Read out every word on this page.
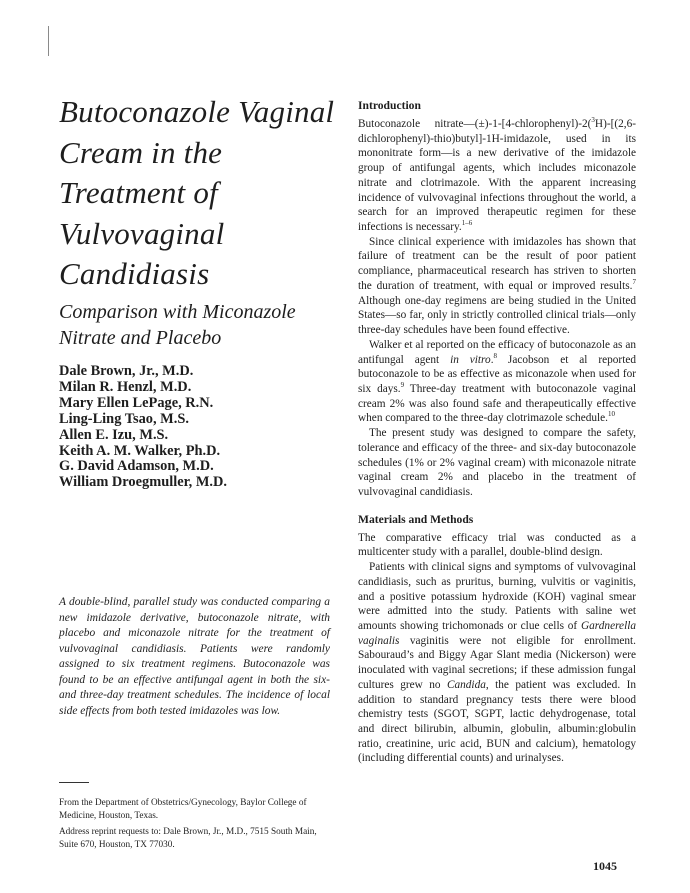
Butoconazole Vaginal
Cream in the
Treatment of
Vulvovaginal
Candidiasis
Comparison with Miconazole
Nitrate and Placebo
Dale Brown, Jr., M.D.
Milan R. Henzl, M.D.
Mary Ellen LePage, R.N.
Ling-Ling Tsao, M.S.
Allen E. Izu, M.S.
Keith A. M. Walker, Ph.D.
G. David Adamson, M.D.
William Droegmuller, M.D.
A double-blind, parallel study was conducted comparing a new imidazole derivative, butoconazole nitrate, with placebo and miconazole nitrate for the treatment of vulvovaginal candidiasis. Patients were randomly assigned to six treatment regimens. Butoconazole was found to be an effective antifungal agent in both the six- and three-day treatment schedules. The incidence of local side effects from both tested imidazoles was low.

From the Department of Obstetrics/Gynecology, Baylor College of Medicine, Houston, Texas.

Address reprint requests to: Dale Brown, Jr., M.D., 7515 South Main, Suite 670, Houston, TX 77030.

Introduction

Butoconazole nitrate—(±)-1-[4-chlorophenyl)-2($^3$H)-[(2,6-dichlorophenyl)-thio)butyl]-1H-imidazole, used in its mononitrate form—is a new derivative of the imidazole group of antifungal agents, which includes miconazole nitrate and clotrimazole. With the apparent increasing incidence of vulvovaginal infections throughout the world, a search for an improved therapeutic regimen for these infections is necessary.$^{1-6}$

Since clinical experience with imidazoles has shown that failure of treatment can be the result of poor patient compliance, pharmaceutical research has striven to shorten the duration of treatment, with equal or improved results.$^7$ Although one-day regimens are being studied in the United States—so far, only in strictly controlled clinical trials—only three-day schedules have been found effective.

Walker et al reported on the efficacy of butoconazole as an antifungal agent in vitro.$^8$ Jacobson et al reported butoconazole to be as effective as miconazole when used for six days.$^9$ Three-day treatment with butoconazole vaginal cream 2% was also found safe and therapeutically effective when compared to the three-day clotrimazole schedule.$^{10}$

The present study was designed to compare the safety, tolerance and efficacy of the three- and six-day butoconazole schedules (1% or 2% vaginal cream) with miconazole nitrate vaginal cream 2% and placebo in the treatment of vulvovaginal candidiasis.

Materials and Methods

The comparative efficacy trial was conducted as a multicenter study with a parallel, double-blind design.

Patients with clinical signs and symptoms of vulvovaginal candidiasis, such as pruritus, burning, vulvitis or vaginitis, and a positive potassium hydroxide (KOH) vaginal smear were admitted into the study. Patients with saline wet amounts showing trichomonads or clue cells of Gardnerella vaginalis vaginitis were not eligible for enrollment. Sabouraud’s and Biggy Agar Slant media (Nickerson) were inoculated with vaginal secretions; if these admission fungal cultures grew no Candida, the patient was excluded. In addition to standard pregnancy tests there were blood chemistry tests (SGOT, SGPT, lactic dehydrogenase, total and direct bilirubin, albumin, globulin, albumin:globulin ratio, creatinine, uric acid, BUN and calcium), hematology (including differential counts) and urinalyses.

1045
